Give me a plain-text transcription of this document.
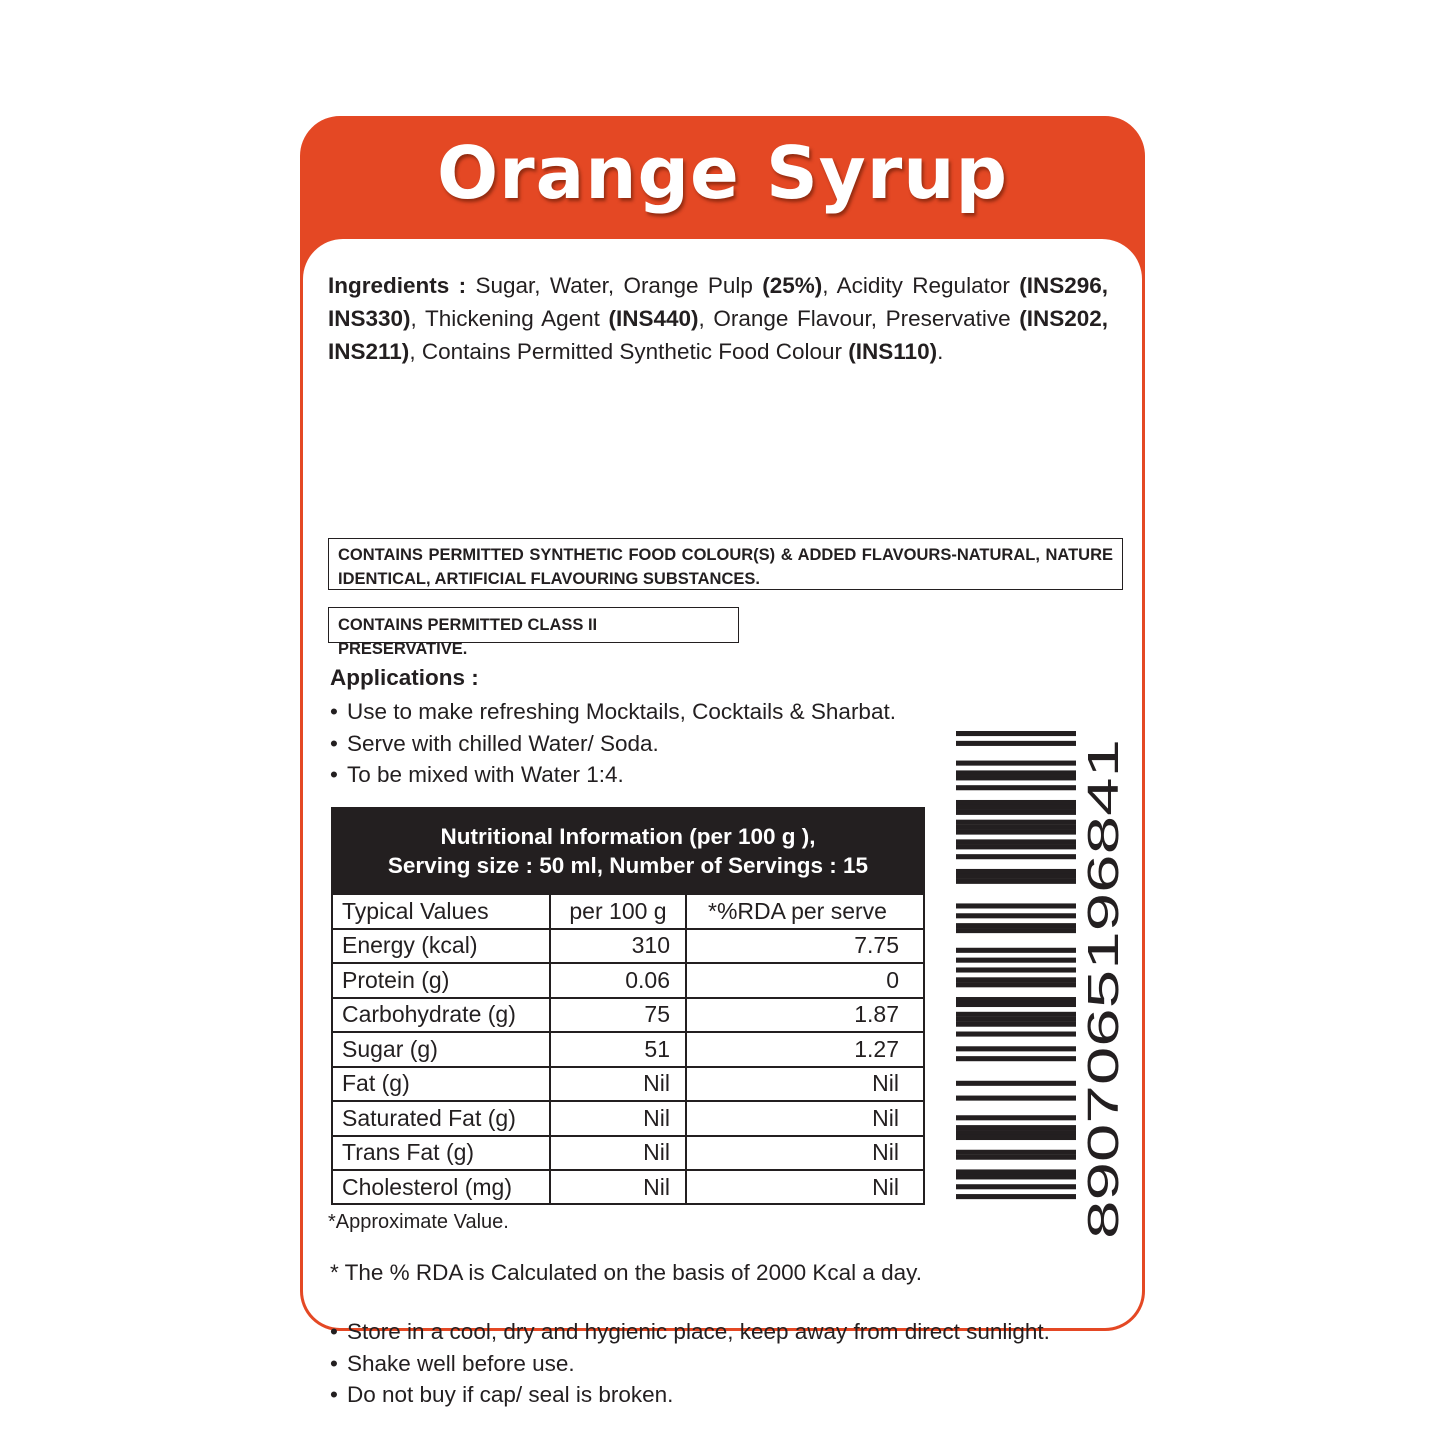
Orange Syrup

Ingredients : Sugar, Water, Orange Pulp (25%), Acidity Regulator (INS296, INS330), Thickening Agent (INS440), Orange Flavour, Preservative (INS202, INS211), Contains Permitted Synthetic Food Colour (INS110).

CONTAINS PERMITTED SYNTHETIC FOOD COLOUR(S) & ADDED FLAVOURS-NATURAL, NATURE IDENTICAL, ARTIFICIAL FLAVOURING SUBSTANCES.
CONTAINS PERMITTED CLASS II PRESERVATIVE.
Applications :
• Use to make refreshing Mocktails, Cocktails & Sharbat.
• Serve with chilled Water/ Soda.
• To be mixed with Water 1:4.
Nutritional Information (per 100 g ),
Serving size : 50 ml, Number of Servings : 15
Typical Values	per 100 g	*%RDA per serve
Energy (kcal)	310	7.75
Protein (g)	0.06	0
Carbohydrate (g)	75	1.87
Sugar (g)	51	1.27
Fat (g)	Nil	Nil
Saturated Fat (g)	Nil	Nil
Trans Fat (g)	Nil	Nil
Cholesterol (mg)	Nil	Nil
*Approximate Value.
* The % RDA is Calculated on the basis of 2000 Kcal a day.
• Store in a cool, dry and hygienic place, keep away from direct sunlight.
• Shake well before use.
• Do not buy if cap/ seal is broken.
8907065196841
